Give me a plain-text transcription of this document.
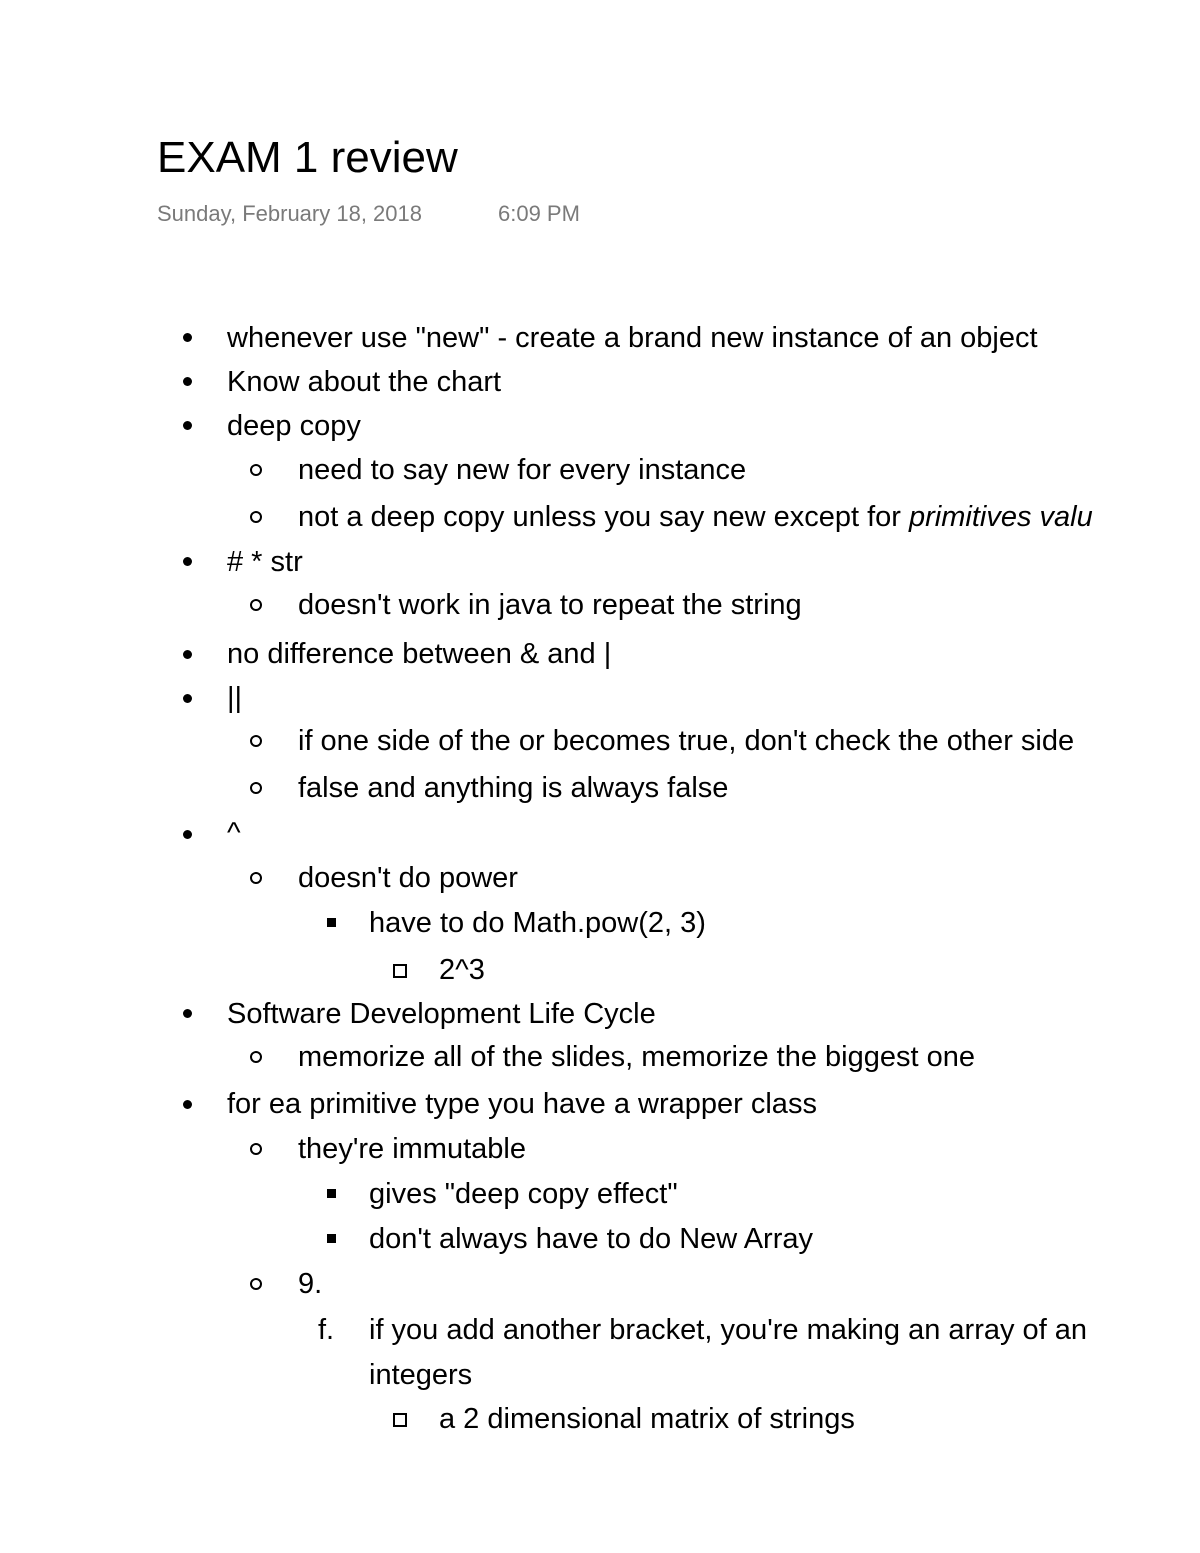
EXAM 1 review
Sunday, February 18, 2018	6:09 PM
whenever use "new" - create a brand new instance of an object
Know about the chart
deep copy
need to say new for every instance
not a deep copy unless you say new except for primitives valu
# * str
doesn't work in java to repeat the string
no difference between & and |
||
if one side of the or becomes true, don't check the other side
false and anything is always false
^
doesn't do power
have to do Math.pow(2, 3)
2^3
Software Development Life Cycle
memorize all of the slides, memorize the biggest one
for ea primitive type you have a wrapper class
they're immutable
gives "deep copy effect"
don't always have to do New Array
9.
f. if you add another bracket, you're making an array of an
integers
a 2 dimensional matrix of strings
